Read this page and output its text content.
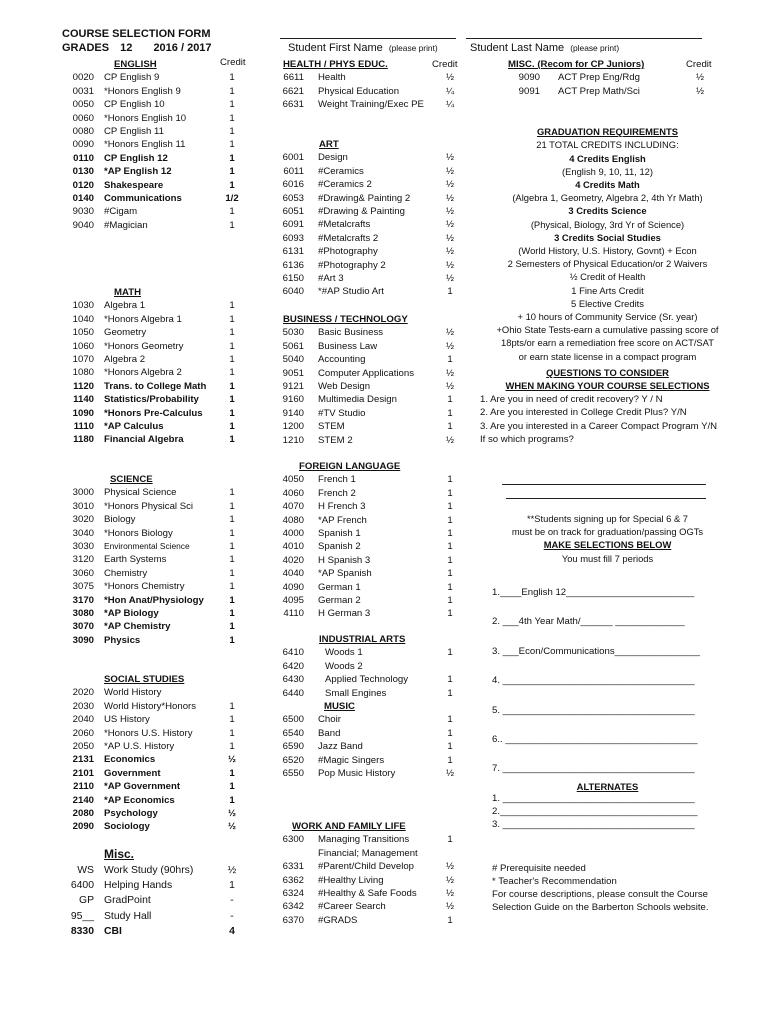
COURSE SELECTION FORM
GRADES 12 2016 / 2017	Student First Name (please print)	Student Last Name (please print)
Credit
ENGLISH
0020 CP English 9	1
0031 *Honors English 9	1
0050 CP English 10	1
0060 *Honors English 10	1
0080 CP English 11	1
0090 *Honors English 11	1
0110 CP English 12	1
0130 *AP English 12	1
0120 Shakespeare	1
0140 Communications	1/2
9030 #Cigam	1
9040 #Magician	1
MATH
1030 Algebra 1	1
1040 *Honors Algebra 1	1
1050 Geometry	1
1060 *Honors Geometry	1
1070 Algebra 2	1
1080 *Honors Algebra 2	1
1120 Trans. to College Math	1
1140 Statistics/Probability	1
1090 *Honors Pre-Calculus	1
1110 *AP Calculus	1
1180 Financial Algebra	1
SCIENCE
3000 Physical Science	1
3010 *Honors Physical Sci	1
3020 Biology	1
3040 *Honors Biology	1
3030 Environmental Science	1
3120 Earth Systems	1
3060 Chemistry	1
3075 *Honors Chemistry	1
3170 *Hon Anat/Physiology	1
3080 *AP Biology	1
3070 *AP Chemistry	1
3090 Physics	1
SOCIAL STUDIES
2020 World History
2030 World History*Honors	1
2040 US History	1
2060 *Honors U.S. History	1
2050 *AP U.S. History	1
2131 Economics	½
2101 Government	1
2110 *AP Government	1
2140 *AP Economics	1
2080 Psychology	½
2090 Sociology	½
Misc.
WS Work Study (90hrs)	½
6400 Helping Hands	1
GP GradPoint	-
95__ Study Hall	-
8330 CBI	4
HEALTH / PHYS EDUC.	Credit
6611 Health	½
6621 Physical Education	¼
6631 Weight Training/Exec PE	¼
ART
6001 Design	½
6011 #Ceramics	½
6016 #Ceramics 2	½
6053 #Drawing& Painting 2	½
6051 #Drawing & Painting	½
6091 #Metalcrafts	½
6093 #Metalcrafts 2	½
6131 #Photography	½
6136 #Photography 2	½
6150 #Art 3	½
6040 *#AP Studio Art	1
BUSINESS / TECHNOLOGY
5030 Basic Business	½
5061 Business Law	½
5040 Accounting	1
9051 Computer Applications	½
9121 Web Design	½
9160 Multimedia Design	1
9140 #TV Studio	1
1200 STEM	1
1210 STEM 2	½
FOREIGN LANGUAGE
4050 French 1	1
4060 French 2	1
4070 H French 3	1
4080 *AP French	1
4000 Spanish 1	1
4010 Spanish 2	1
4020 H Spanish 3	1
4040 *AP Spanish	1
4090 German 1	1
4095 German 2	1
4110 H German 3	1
INDUSTRIAL ARTS
6410 Woods 1	1
6420 Woods 2
6430 Applied Technology	1
6440 Small Engines	1
MUSIC
6500 Choir	1
6540 Band	1
6590 Jazz Band	1
6520 #Magic Singers	1
6550 Pop Music History	½
WORK AND FAMILY LIFE
6300 Managing Transitions	1
Financial; Management
6331 #Parent/Child Develop	½
6362 #Healthy Living	½
6324 #Healthy & Safe Foods	½
6342 #Career Search	½
6370 #GRADS	1
MISC. (Recom for CP Juniors)	Credit
9090 ACT Prep Eng/Rdg	½
9091 ACT Prep Math/Sci	½
GRADUATION REQUIREMENTS
21 TOTAL CREDITS INCLUDING:
4 Credits English
(English 9, 10, 11, 12)
4 Credits Math
(Algebra 1, Geometry, Algebra 2, 4th Yr Math)
3 Credits Science
(Physical, Biology, 3rd Yr of Science)
3 Credits Social Studies
(World History, U.S. History, Govnt) + Econ
2 Semesters of Physical Education/or 2 Waivers
½ Credit of Health
1 Fine Arts Credit
5 Elective Credits
+ 10 hours of Community Service (Sr. year)
+Ohio State Tests-earn a cumulative passing score of
18pts/or earn a remediation free score on ACT/SAT
or earn state license in a compact program
QUESTIONS TO CONSIDER
WHEN MAKING YOUR COURSE SELECTIONS
1. Are you in need of credit recovery? Y / N
2. Are you interested in College Credit Plus? Y/N
3. Are you interested in a Career Compact Program Y/N
If so which programs?
**Students signing up for Special 6 & 7
must be on track for graduation/passing OGTs
MAKE SELECTIONS BELOW
You must fill 7 periods
1.____English 12________________________
2. ___4th Year Math/______ _____________
3. ___Econ/Communications________________
4. ____________________________________
5. ____________________________________
6.. ____________________________________
7. ____________________________________
ALTERNATES
1. ____________________________________
2._____________________________________
3. ____________________________________
# Prerequisite needed
* Teacher's Recommendation
For course descriptions, please consult the Course
Selection Guide on the Barberton Schools website.
